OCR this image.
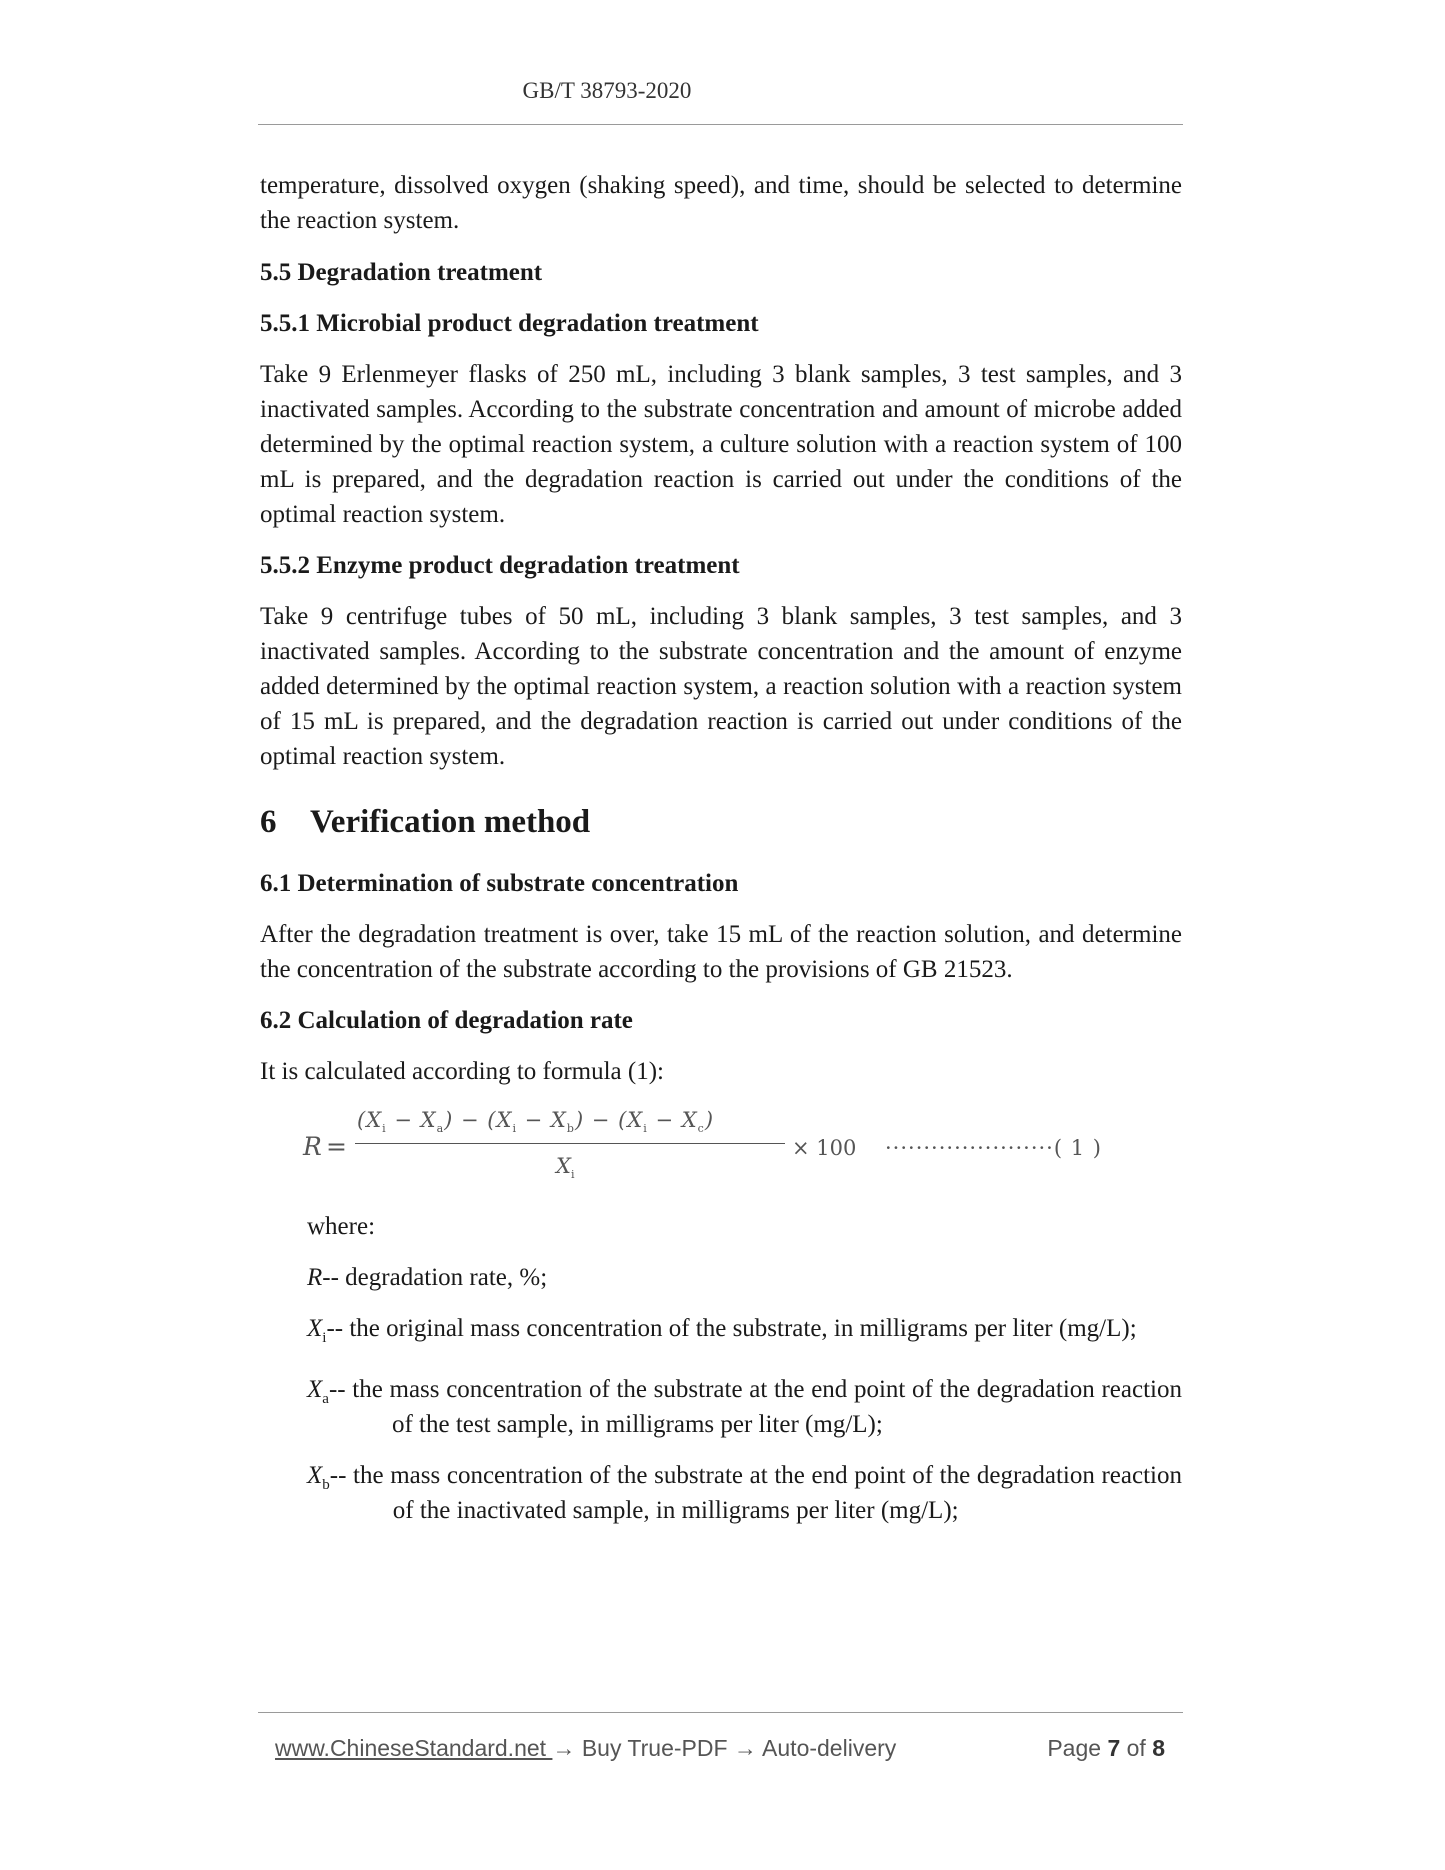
GB/T 38793-2020

temperature, dissolved oxygen (shaking speed), and time, should be selected to determine the reaction system.

5.5 Degradation treatment

5.5.1 Microbial product degradation treatment

Take 9 Erlenmeyer flasks of 250 mL, including 3 blank samples, 3 test samples, and 3 inactivated samples. According to the substrate concentration and amount of microbe added determined by the optimal reaction system, a culture solution with a reaction system of 100 mL is prepared, and the degradation reaction is carried out under the conditions of the optimal reaction system.

5.5.2 Enzyme product degradation treatment

Take 9 centrifuge tubes of 50 mL, including 3 blank samples, 3 test samples, and 3 inactivated samples. According to the substrate concentration and the amount of enzyme added determined by the optimal reaction system, a reaction solution with a reaction system of 15 mL is prepared, and the degradation reaction is carried out under conditions of the optimal reaction system.

6 Verification method

6.1 Determination of substrate concentration

After the degradation treatment is over, take 15 mL of the reaction solution, and determine the concentration of the substrate according to the provisions of GB 21523.

6.2 Calculation of degradation rate

It is calculated according to formula (1):

R =
$(X_i - X_a) - (X_i - X_b) - (X_i - X_c)$
$X_i$
× 100 ······················( 1 )

where:

R -- degradation rate, %;
$X_i$ -- the original mass concentration of the substrate, in milligrams per liter (mg/L);
$X_a$ -- the mass concentration of the substrate at the end point of the degradation reaction of the test sample, in milligrams per liter (mg/L);
$X_b$ -- the mass concentration of the substrate at the end point of the degradation reaction of the inactivated sample, in milligrams per liter (mg/L);
www.ChineseStandard.net → Buy True-PDF → Auto-delivery	Page 7 of 8
